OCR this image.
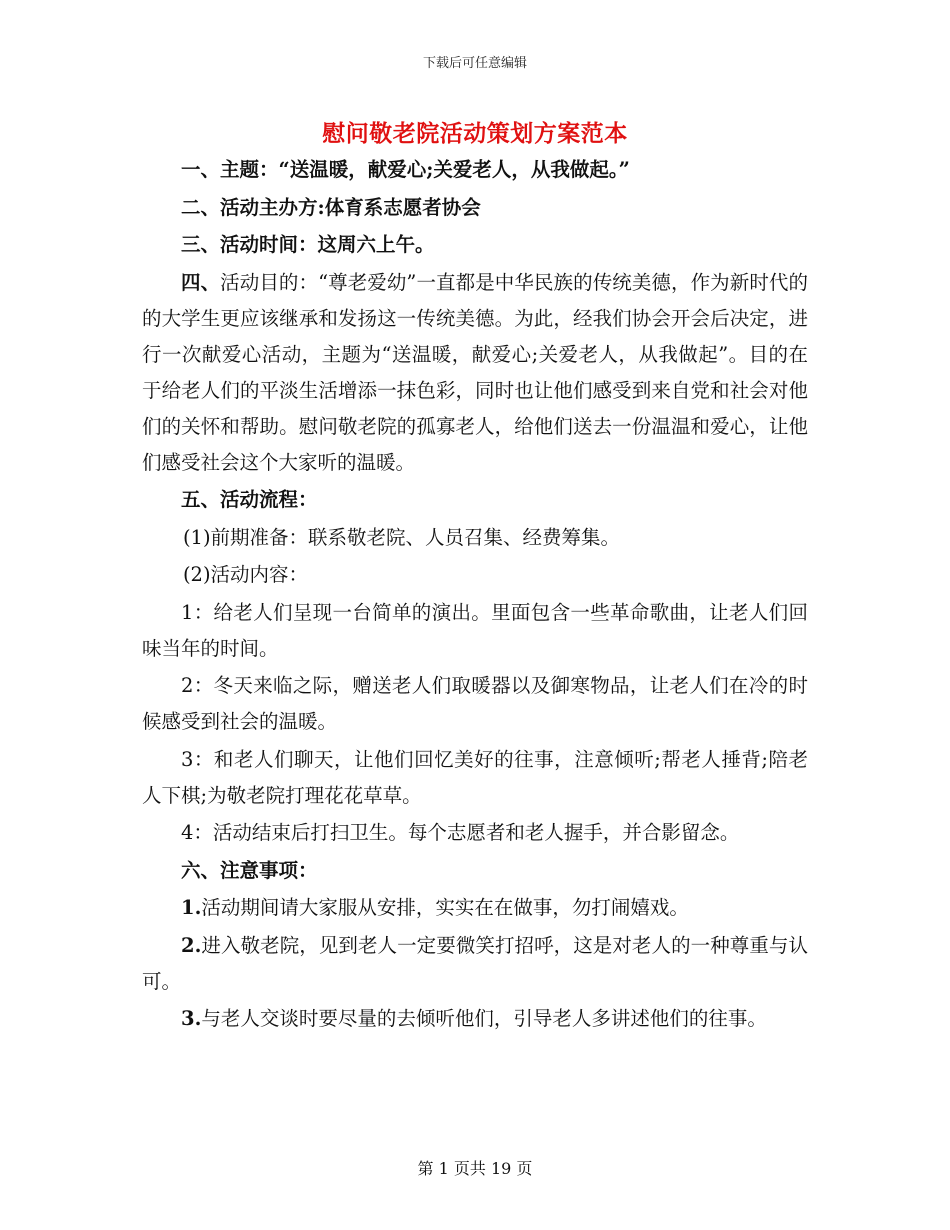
下载后可任意编辑
慰问敬老院活动策划方案范本

一、主题：“送温暖，献爱心;关爱老人，从我做起。”

二、活动主办方:体育系志愿者协会

三、活动时间：这周六上午。

四、活动目的：“尊老爱幼”一直都是中华民族的传统美德，作为新时代的的大学生更应该继承和发扬这一传统美德。为此，经我们协会开会后决定，进行一次献爱心活动，主题为“送温暖，献爱心;关爱老人，从我做起”。目的在于给老人们的平淡生活增添一抹色彩，同时也让他们感受到来自党和社会对他们的关怀和帮助。慰问敬老院的孤寡老人，给他们送去一份温温和爱心，让他们感受社会这个大家听的温暖。

五、活动流程：

(1)前期准备：联系敬老院、人员召集、经费筹集。

(2)活动内容：

1：给老人们呈现一台简单的演出。里面包含一些革命歌曲，让老人们回味当年的时间。

2：冬天来临之际，赠送老人们取暖器以及御寒物品，让老人们在冷的时候感受到社会的温暖。

3：和老人们聊天，让他们回忆美好的往事，注意倾听;帮老人捶背;陪老人下棋;为敬老院打理花花草草。

4：活动结束后打扫卫生。每个志愿者和老人握手，并合影留念。

六、注意事项：

1.活动期间请大家服从安排，实实在在做事，勿打闹嬉戏。

2.进入敬老院，见到老人一定要微笑打招呼，这是对老人的一种尊重与认可。

3.与老人交谈时要尽量的去倾听他们，引导老人多讲述他们的往事。

第 1 页共 19 页
